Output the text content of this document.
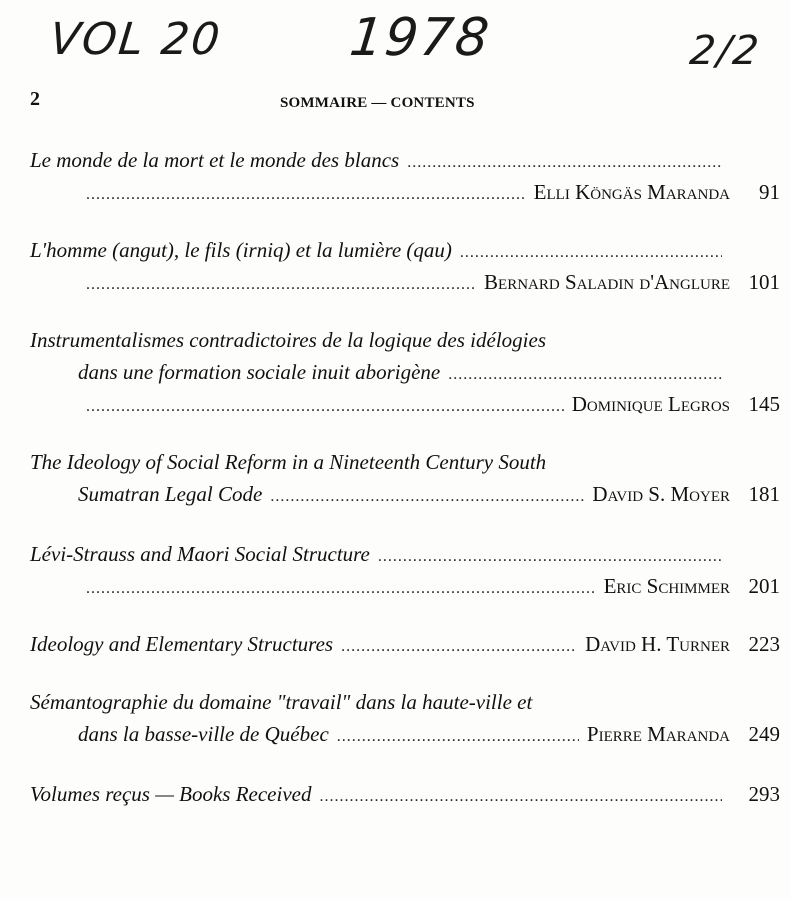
VOL 20 1978	2/2
2	SOMMAIRE — CONTENTS
Le monde de la mort et le monde des blancs
.....
.....
Elli Köngäs Maranda	91
L'homme (angut), le fils (irniq) et la lumière (qau)
.....
.....
Bernard Saladin d'Anglure 101
Instrumentalismes contradictoires de la logique des idélogies
dans une formation sociale inuit aborigène
.....
.....
Dominique Legros 145
The Ideology of Social Reform in a Nineteenth Century South
Sumatran Legal Code .....	David S. Moyer 181
Lévi-Strauss and Maori Social Structure
.....
.....
Eric Schimmer 201
Ideology and Elementary Structures .....	David H. Turner 223
Sémantographie du domaine "travail" dans la haute-ville et
dans la basse-ville de Québec .....	Pierre Maranda 249
Volumes reçus — Books Received .....	293
